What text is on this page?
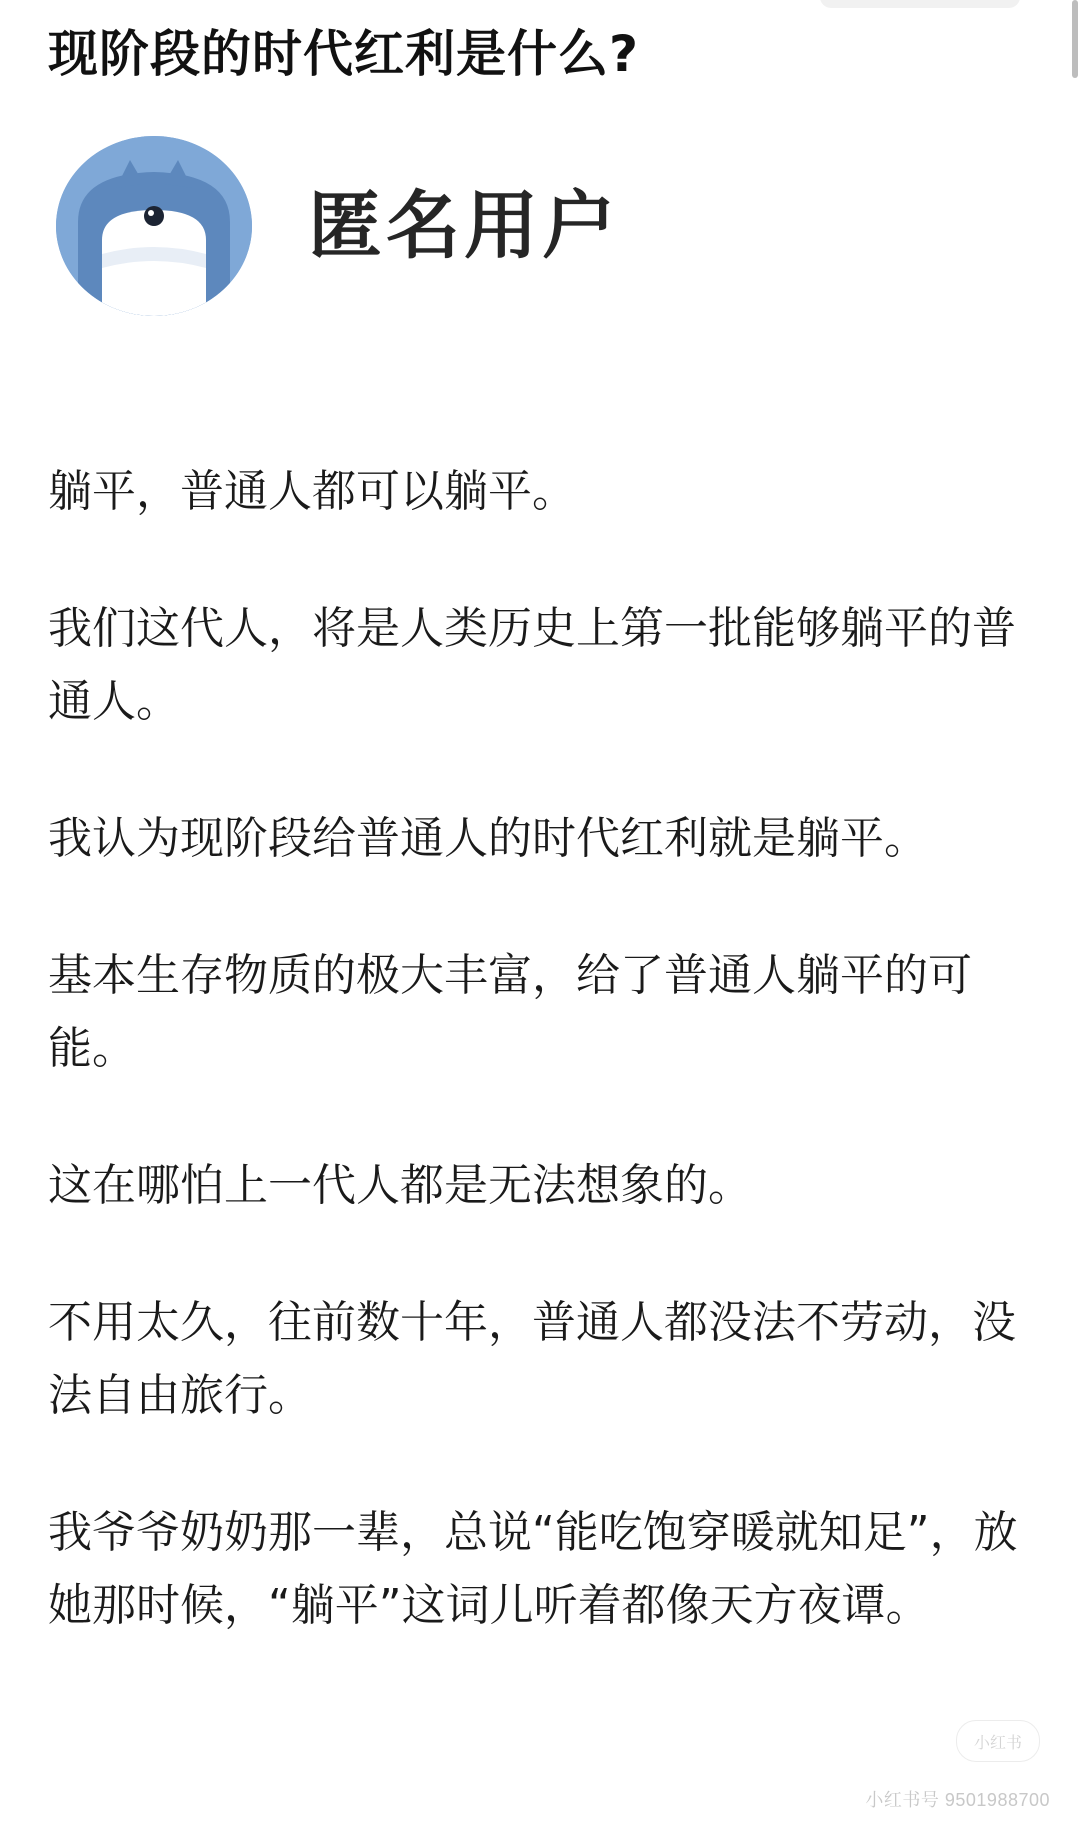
现阶段的时代红利是什么?
匿名用户

躺平，普通人都可以躺平。

我们这代人，将是人类历史上第一批能够躺平的普通人。

我认为现阶段给普通人的时代红利就是躺平。

基本生存物质的极大丰富，给了普通人躺平的可能。

这在哪怕上一代人都是无法想象的。

不用太久，往前数十年，普通人都没法不劳动，没法自由旅行。

我爷爷奶奶那一辈，总说“能吃饱穿暖就知足”，放她那时候，“躺平”这词儿听着都像天方夜谭。

小红书
小红书号 9501988700
